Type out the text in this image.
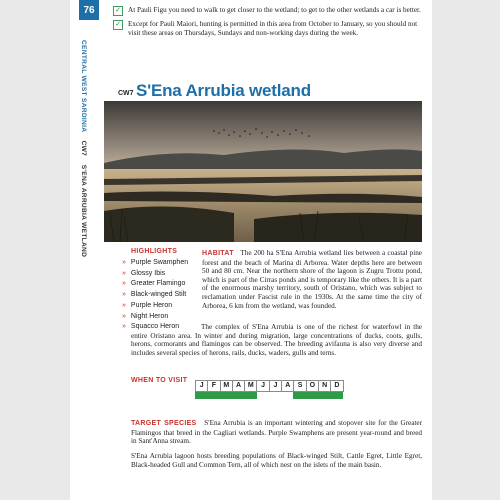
76
CENTRAL WEST SARDINIA    CW7    S'ENA ARRUBIA WETLAND
✓ At Pauli Figu you need to walk to get closer to the wetland; to get to the other wetlands a car is better.
✓ Except for Pauli Maiori, hunting is permitted in this area from October to January, so you should not visit these areas on Thursdays, Sundays and non-working days during the week.
CW7 S'Ena Arrubia wetland
HIGHLIGHTS
» Purple Swamphen
» Glossy Ibis
» Greater Flamingo
» Black-winged Stilt
» Purple Heron
» Night Heron
» Squacco Heron
HABITAT The 200 ha S'Ena Arrubia wetland lies between a coastal pine forest and the beach of Marina di Arborea. Water depths here are between 50 and 80 cm. Near the northern shore of the lagoon is Zugru Trottu pond, which is part of the Cirras ponds and is temporary like the others. It is a part of the enormous marshy territory, south of Oristano, which was subject to reclamation under Fascist rule in the 1930s. At the same time the city of Arborea, 6 km from the wetland, was founded.
The complex of S'Ena Arrubia is one of the richest for waterfowl in the entire Oristano area. In winter and during migration, large concentrations of ducks, coots, gulls, herons, cormorants and flamingos can be observed. The breeding avifauna is also very diverse and includes several species of herons, rails, ducks, waders, gulls and terns.
WHEN TO VISIT
J	F	M A M	J	J	A	S	O	N	D
TARGET SPECIES S'Ena Arrubia is an important wintering and stopover site for the Greater Flamingos that breed in the Cagliari wetlands. Purple Swamphens are present year-round and breed in Sant'Anna stream.
S'Ena Arrubia lagoon hosts breeding populations of Black-winged Stilt, Cattle Egret, Little Egret, Black-headed Gull and Common Tern, all of which nest on the islets of the main basin.
